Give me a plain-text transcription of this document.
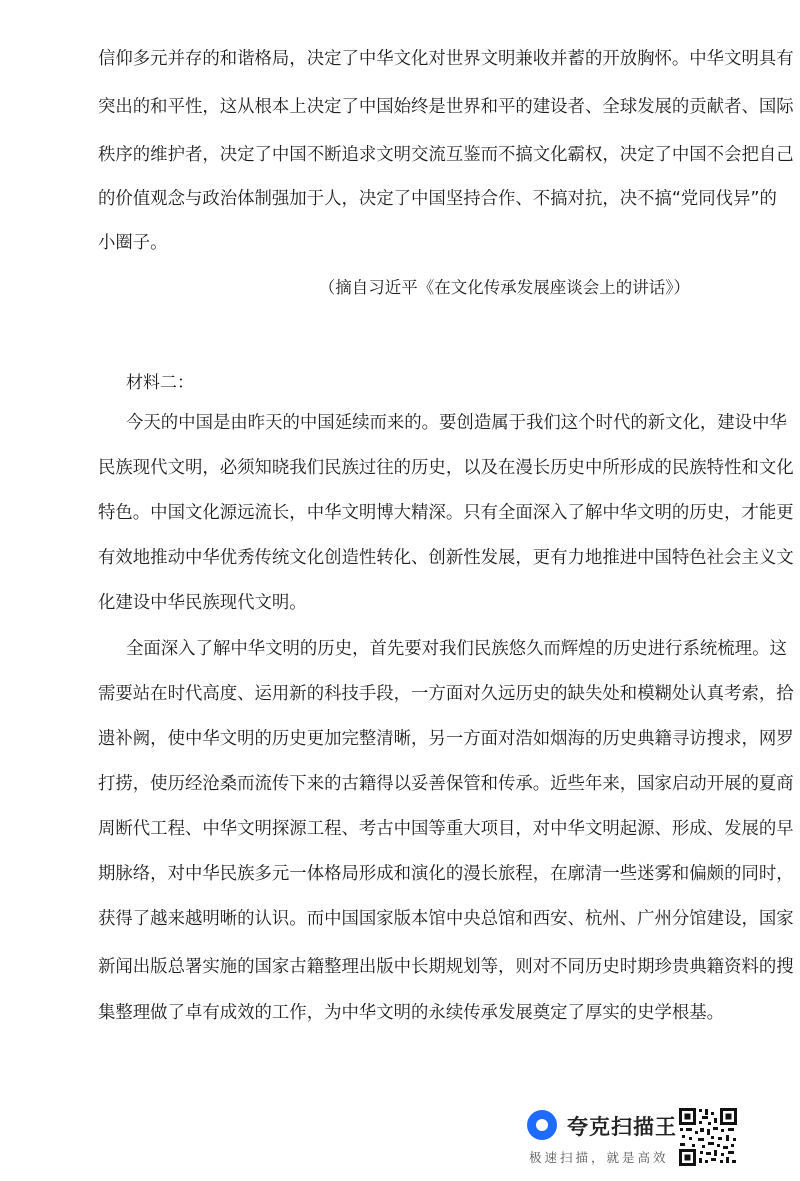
信仰多元并存的和谐格局，决定了中华文化对世界文明兼收并蓄的开放胸怀。中华文明具有
突出的和平性，这从根本上决定了中国始终是世界和平的建设者、全球发展的贡献者、国际
秩序的维护者，决定了中国不断追求文明交流互鉴而不搞文化霸权，决定了中国不会把自己
的价值观念与政治体制强加于人，决定了中国坚持合作、不搞对抗，决不搞“党同伐异”的
小圈子。
（摘自习近平《在文化传承发展座谈会上的讲话》）
材料二：
今天的中国是由昨天的中国延续而来的。要创造属于我们这个时代的新文化，建设中华
民族现代文明，必须知晓我们民族过往的历史，以及在漫长历史中所形成的民族特性和文化
特色。中国文化源远流长，中华文明博大精深。只有全面深入了解中华文明的历史，才能更
有效地推动中华优秀传统文化创造性转化、创新性发展，更有力地推进中国特色社会主义文
化建设中华民族现代文明。
全面深入了解中华文明的历史，首先要对我们民族悠久而辉煌的历史进行系统梳理。这
需要站在时代高度、运用新的科技手段，一方面对久远历史的缺失处和模糊处认真考索，拾
遗补阙，使中华文明的历史更加完整清晰，另一方面对浩如烟海的历史典籍寻访搜求，网罗
打捞，使历经沧桑而流传下来的古籍得以妥善保管和传承。近些年来，国家启动开展的夏商
周断代工程、中华文明探源工程、考古中国等重大项目，对中华文明起源、形成、发展的早
期脉络，对中华民族多元一体格局形成和演化的漫长旅程，在廓清一些迷雾和偏颇的同时，
获得了越来越明晰的认识。而中国国家版本馆中央总馆和西安、杭州、广州分馆建设，国家
新闻出版总署实施的国家古籍整理出版中长期规划等，则对不同历史时期珍贵典籍资料的搜
集整理做了卓有成效的工作，为中华文明的永续传承发展奠定了厚实的史学根基。
夸克扫描王
极速扫描，就是高效
